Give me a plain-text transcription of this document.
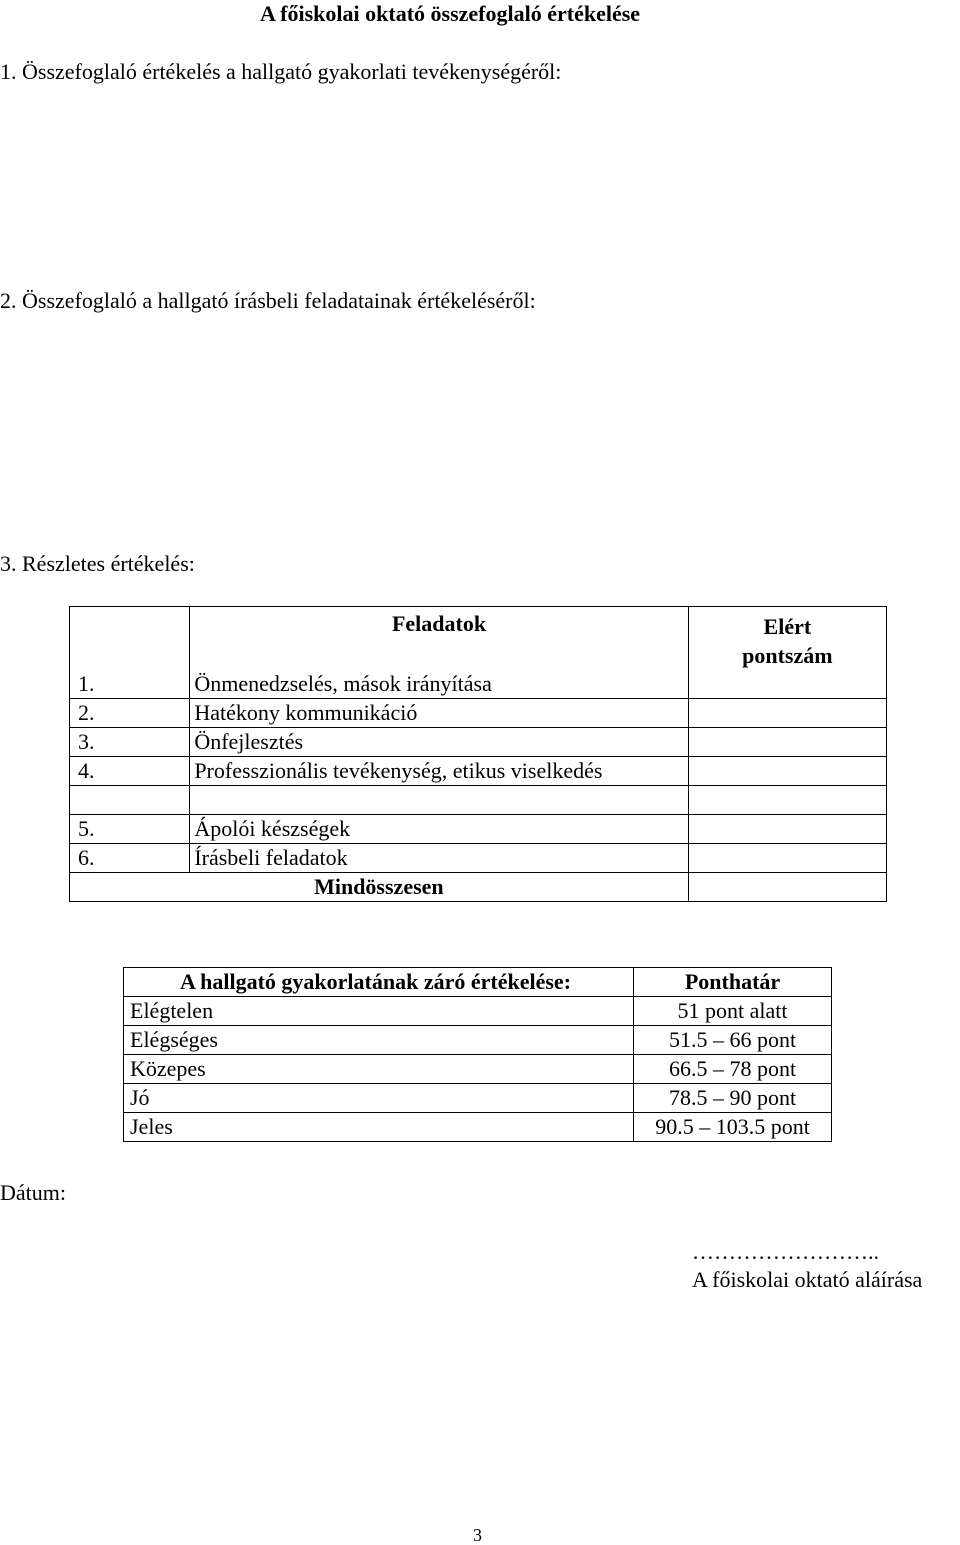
A főiskolai oktató összefoglaló értékelése
1. Összefoglaló értékelés a hallgató gyakorlati tevékenységéről:
2. Összefoglaló a hallgató írásbeli feladatainak értékeléséről:
3. Részletes értékelés:
	Feladatok	Elért
pontszám
1.	Önmenedzselés, mások irányítása	
2.	Hatékony kommunikáció	
3.	Önfejlesztés	
4.	Professzionális tevékenység, etikus viselkedés	

5.	Ápolói készségek	
6.	Írásbeli feladatok	
Mindösszesen		
A hallgató gyakorlatának záró értékelése:	Ponthatár
Elégtelen	51 pont alatt
Elégséges	51.5 – 66 pont
Közepes	66.5 – 78 pont
Jó	78.5 – 90 pont
Jeles	90.5 – 103.5 pont
Dátum:
……………………..
A főiskolai oktató aláírása
3
